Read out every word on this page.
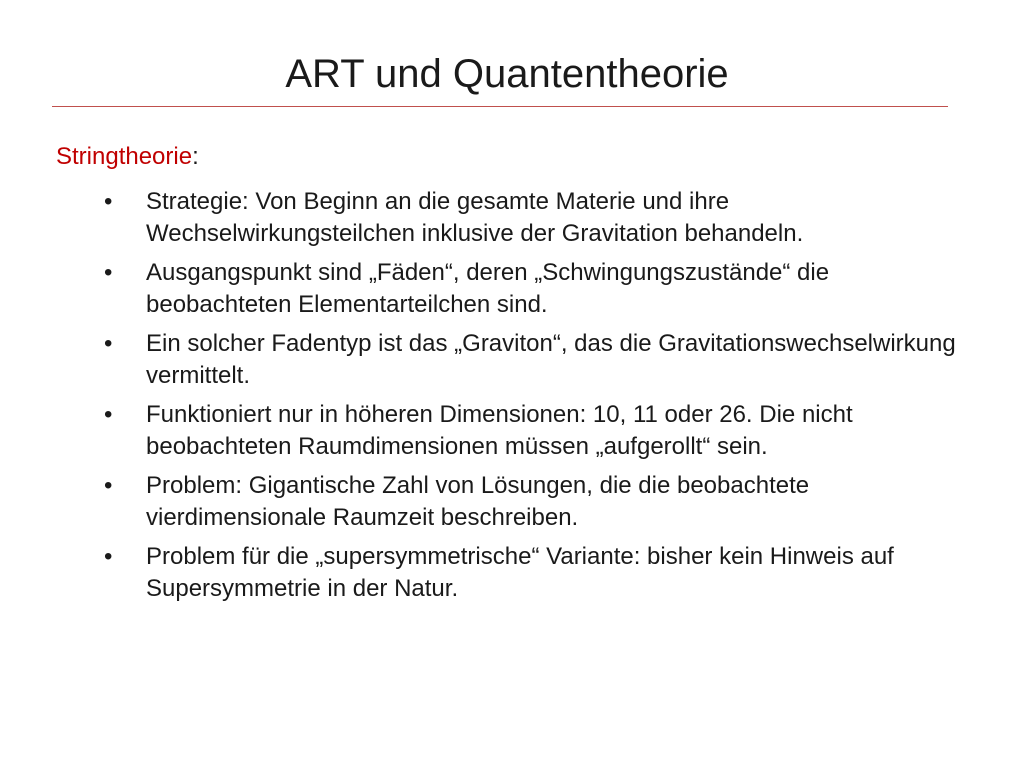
ART und Quantentheorie
Stringtheorie:
•	Strategie: Von Beginn an die gesamte Materie und ihre Wechselwirkungsteilchen inklusive der Gravitation behandeln.
•	Ausgangspunkt sind „Fäden“, deren „Schwingungszustände“ die beobachteten Elementarteilchen sind.
•	Ein solcher Fadentyp ist das „Graviton“, das die Gravitationswechselwirkung vermittelt.
•	Funktioniert nur in höheren Dimensionen: 10, 11 oder 26. Die nicht beobachteten Raumdimensionen müssen „aufgerollt“ sein.
•	Problem: Gigantische Zahl von Lösungen, die die beobachtete vierdimensionale Raumzeit beschreiben.
•	Problem für die „supersymmetrische“ Variante: bisher kein Hinweis auf Supersymmetrie in der Natur.
